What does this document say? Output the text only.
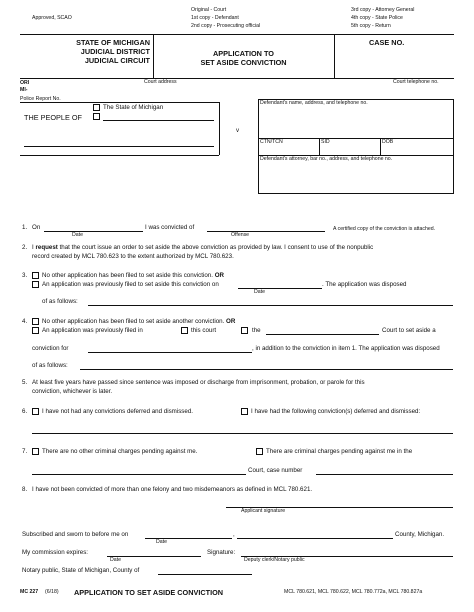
Approved, SCAO
Original - Court
1st copy - Defendant
2nd copy - Prosecuting official
3rd copy - Attorney General
4th copy - State Police
5th copy - Return
STATE OF MICHIGAN
JUDICIAL DISTRICT
JUDICIAL CIRCUIT
APPLICATION TO
SET ASIDE CONVICTION
CASE NO.
Court address	Court telephone no.
ORI
MI-
Police Report No.
The State of Michigan
THE PEOPLE OF
v
Defendant's name, address, and telephone no.
CTN/TCN	SID	DOB
Defendant's attorney, bar no., address, and telephone no.
1. On
Date
I was convicted of
Offense
A certified copy of the conviction is attached.
2. I request that the court issue an order to set aside the above conviction as provided by law. I consent to use of the nonpublic
record created by MCL 780.623 to the extent authorized by MCL 780.623.
3. No other application has been filed to set aside this conviction. OR
An application was previously filed to set aside this conviction on
Date
. The application was disposed
of as follows:
4. No other application has been filed to set aside another conviction. OR
An application was previously filed in	this court	the	Court to set aside a
conviction for	, in addition to the conviction in item 1. The application was disposed
of as follows:
5. At least five years have passed since sentence was imposed or discharge from imprisonment, probation, or parole for this
conviction, whichever is later.
6. I have not had any convictions deferred and dismissed.	I have had the following conviction(s) deferred and dismissed:
7. There are no other criminal charges pending against me.	There are criminal charges pending against me in the
Court, case number
8. I have not been convicted of more than one felony and two misdemeanors as defined in MCL 780.621.
Applicant signature
Subscribed and sworn to before me on
Date
,	County, Michigan.
My commission expires:
Date
Signature:
Deputy clerk/Notary public
Notary public, State of Michigan, County of
MC 227 (6/18) APPLICATION TO SET ASIDE CONVICTION	MCL 780.621, MCL 780.622, MCL 780.772a, MCL 780.827a
